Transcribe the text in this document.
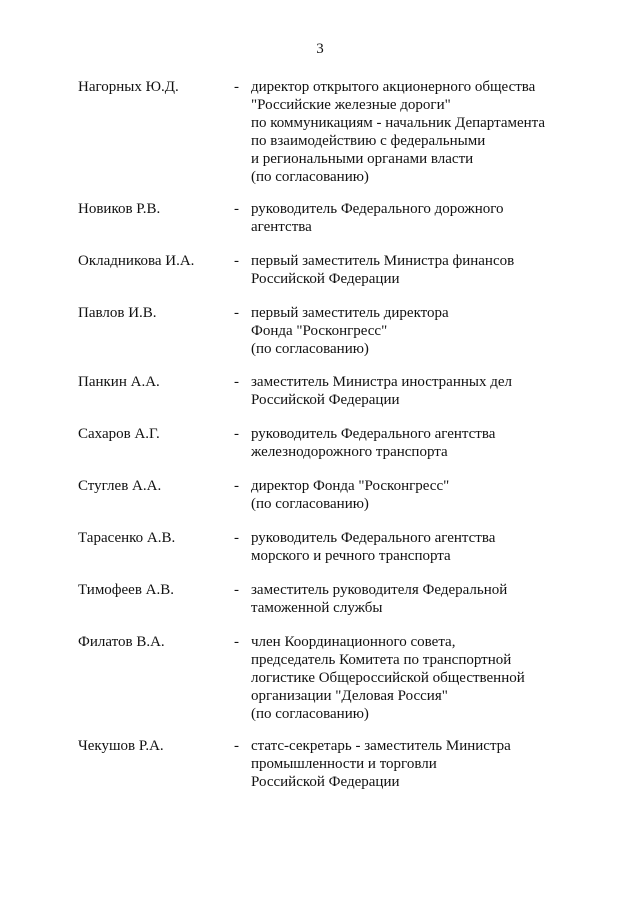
3
Нагорных Ю.Д.	- директор открытого акционерного общества
"Российские железные дороги"
по коммуникациям - начальник Департамента
по взаимодействию с федеральными
и региональными органами власти
(по согласованию)
Новиков Р.В.	- руководитель Федерального дорожного
агентства
Окладникова И.А.	- первый заместитель Министра финансов
Российской Федерации
Павлов И.В.	- первый заместитель директора
Фонда "Росконгресс"
(по согласованию)
Панкин А.А.	- заместитель Министра иностранных дел
Российской Федерации
Сахаров А.Г.	- руководитель Федерального агентства
железнодорожного транспорта
Стуглев А.А.	- директор Фонда "Росконгресс"
(по согласованию)
Тарасенко А.В.	- руководитель Федерального агентства
морского и речного транспорта
Тимофеев А.В.	- заместитель руководителя Федеральной
таможенной службы
Филатов В.А.	- член Координационного совета,
председатель Комитета по транспортной
логистике Общероссийской общественной
организации "Деловая Россия"
(по согласованию)
Чекушов Р.А.	- статс-секретарь - заместитель Министра
промышленности и торговли
Российской Федерации
